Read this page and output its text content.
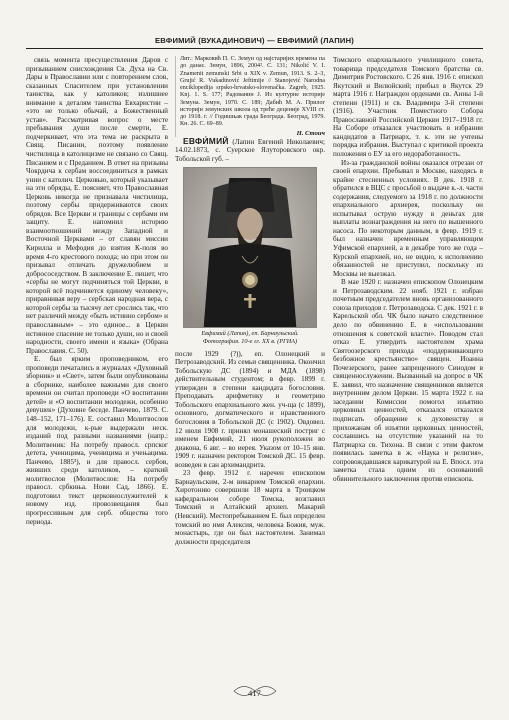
ЕВФИМИЙ (ВУКАДИНОВИЧ) — ЕВФИМИЙ (ЛАПИН)

связь момента пресуществления Даров с призыванием сниcхождения Св. Духа на Св. Дары в Православии или с повторением слов, сказанных Спасителем при установлении таинства, как у католиков; излишнее внимание к деталям таинства Евхаристии – «это не только обычай, а Божественный устав». Рассматривая вопрос о месте пребывания души после смерти, Е. подчеркивает, что эта тема не раскрыта в Свящ. Писании, поэтому появление чистилища в католицизме не связано со Свящ. Писанием и с Преданием. В ответ на призывы Чокрдича к сербам воссоединиться в рамках унии с католич. Церковью, который указывает на эти обряды, Е. поясняет, что Православная Церковь никогда не признавала чистилища, поэтому сербы придерживаются своих обрядов. Все Церкви и границы с сербами им защиту. Е. напомнил историю взаимоотношений между Западной и Восточной Церквами – от славян миссии Кирилла и Мефодия до взятия К-поля во время 4-го крестового похода; но при этом он призывал отличать дружелюбием и добрососедством. В заключение Е. пишет, что «сербы не могут подчиняться той Церкви, в которой всё подчиняется единому человеку», приравнивая веру – сербская народная вера, с которой сербы за тысячу лет срослись так, что нет различий между «быть истинно сербом» и православным» – это единое... в Церкви истинное спасение не только души, но и своей народности, своего имени и языка» (Обрана Православия. С. 50).

Е. был ярким проповедником, его проповеди печатались в журналах «Духовный зборник» и «Свет», затем были опубликованы в сборнике, наиболее важными для своего времени он считал проповеди «О воспитании детей» и «О воспитании молодежи, особенно девушек» (Духовне беседе. Панчево, 1879. С. 148–152, 171–176). Е. составил Молитвослов для молодежи, к-рые выдержали неск. изданий под разными названиями (напр.: Молитвеник: На потребу правосл. српског детета, ученицима, ученицима и учењацима. Панчево, 1885³), и для правосл. сербов, живших среди католиков, – краткий молитвослов (Молитвослов: На потребу правосл. србкиња. Нови Сад, 1866). Е. подготовил текст церковнослужителей к новому изд. провозвещания был прогрессивным для серб. общества того периода.

Лит.: Марковић П. С. Земун од најстаријих времена па до данас. Земун, 1896, 2004². С. 131; Nikolić V. I. Znamenit zemunski Srbi u XIX v. Zemun, 1913. S. 2–3, Grujić R. Vukadinović Jeftimije // Stanojević Narodna enciklopedija srpsko-hrvatsko-slovenačka. Zagreb, 1925. Knj. 1. S. 177; Радованин Ј. Из културне историје Земуна. Земун, 1970. С. 189; Дабић М. А. Прилог историји земунских школа од треће деценије XVIII ст. до 1918. г. // Годишњак града Београда. Београд, 1979. Кн. 26. С. 69–89.

Н. Стоич

ЕВФИ́МИЙ (Лапин Евгений Николаевич; 14.02.1873, с. Суерское Ялуторовского окр. Тобольской губ. –

Евфимий (Лапин), еп. Барнаульский.

Фотография. 10-е гг. XX в. (РГИА)

после 1929 (?)), еп. Олонецкий и Петрозаводский. Из семьи священника. Окончил Тобольскую ДС (1894) и МДА (1898) действительным студентом; в февр. 1899 г. утвержден в степени кандидата богословия. Преподавать арифметику и геометрию Тобольского епархиального жен. уч-ща (с 1899), основного, догматического и нравственного богословия в Тобольской ДС (с 1902). Овдовел. 12 июля 1908 г. принял монашеский постриг с именем Евфимий, 21 июля рукоположен во диакона, 6 авг. – во иерея. Указом от 10–15 янв. 1909 г. назначен ректором Томской ДС. 15 февр. возведен в сан архимандрита.

23 февр. 1912 г. наречен епископом Барнаульским, 2-м викарием Томской епархии. Хиротонию совершили 18 марта в Троицком кафедральном соборе Томска, возглавил Томский и Алтайский архиеп. Макарий (Невский). Местопребыванием Е. был определен томский во имя Алексия, человека Божия, муж. монастырь, где он был настоятелем. Занимал должности председателя

Томского епархиального училищного совета, товарища председателя Томского братства св. Димитрия Ростовского. С 26 янв. 1916 г. епископ Якутский и Вилюйский; прибыл в Якутск 29 марта 1916 г. Награжден орденами св. Анны 1-й степени (1911) и св. Владимира 3-й степени (1916). Участник Поместного Собора Православной Российской Церкви 1917–1918 гг. На Соборе отказался участвовать в избрании кандидатов в Патриарх, т. к. эти не учтены порядка избрания. Выступал с критикой проекта положения о ЕУ за его недоработанность.

Из-за гражданской войны оказался отрезан от своей епархии. Пребывал в Москве, находясь в крайне стесненных условиях. В дек. 1918 г. обратился в ВЦС с просьбой о выдаче к.-л. части содержания, следуемого за 1918 г. по должности епархиального архиерея, поскольку он испытывал острую нужду в деньгах для выплаты вознаграждения на него по вышенного насоса. По некоторым данным, в февр. 1919 г. был назначен временным управляющим Уфимской епархией, а в декабре того же года – Курской епархией, но, не видно, к исполнению обязанностей не приступил, поскольку из Москвы не выезжал.

В мае 1920 г. назначен епископом Олонецким и Петрозаводским. 22 нояб. 1921 г. избран почетным председателем вновь организованного союза приходов г. Петрозаводска. С дек. 1921 г. в Карельской обл. ЧК было начато следственное дело по обвинению Е. в «использовании отношения к советской власти». Поводом стал отказ Е. утвердить настоятелем храма Святоозерского прихода «поддерживающего безбожное крестьянство» священ. Иоанна Почезерского, ранее запрещенного Синодом в священнослужении. Вызванный на допрос в ЧК Е. заявил, что назначение священников является внутренним делом Церкви. 15 марта 1922 г. на заседании Комиссии помогол изъятию церковных ценностей, отказался отказался подписать обращение к духовенству и прихожанам об изъятии церковных ценностей, сославшись на отсутствие указаний на то Патриарха св. Тихона. В связи с этим фактом появилась заметка в ж. «Наука и религия», сопровождавшаяся карикатурой на Е. Впосл. эта заметка стала одним из основаниий обвинительного заключения против епископа.

417
